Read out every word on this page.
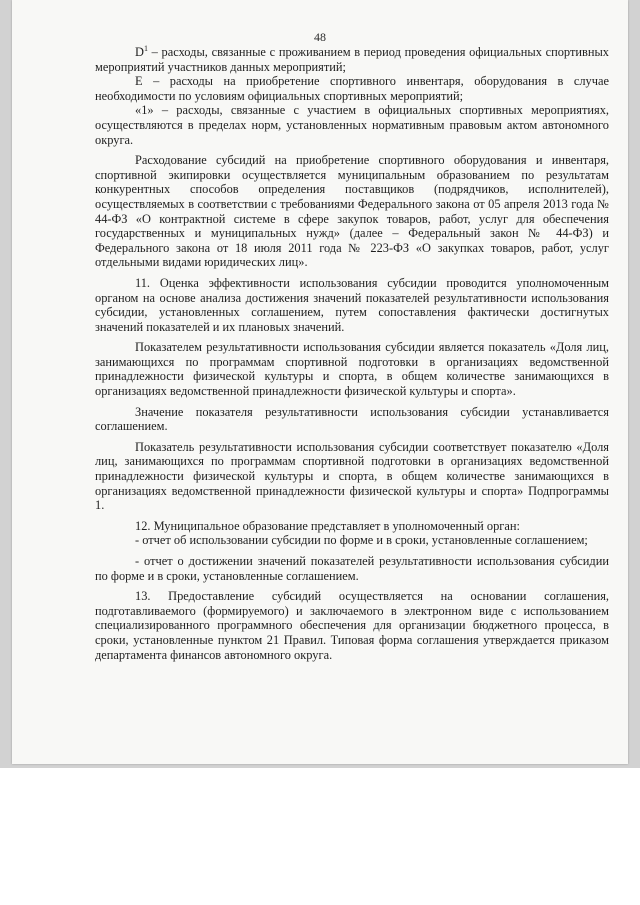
48

$D^1$ – расходы, связанные с проживанием в период проведения официальных спортивных мероприятий участников данных мероприятий;

Е – расходы на приобретение спортивного инвентаря, оборудования в случае необходимости по условиям официальных спортивных мероприятий;

«1» – расходы, связанные с участием в официальных спортивных мероприятиях, осуществляются в пределах норм, установленных нормативным правовым актом автономного округа.

Расходование субсидий на приобретение спортивного оборудования и инвентаря, спортивной экипировки осуществляется муниципальным образованием по результатам конкурентных способов определения поставщиков (подрядчиков, исполнителей), осуществляемых в соответствии с требованиями Федерального закона от 05 апреля 2013 года № 44-ФЗ «О контрактной системе в сфере закупок товаров, работ, услуг для обеспечения государственных и муниципальных нужд» (далее – Федеральный закон № 44-ФЗ) и Федерального закона от 18 июля 2011 года № 223-ФЗ «О закупках товаров, работ, услуг отдельными видами юридических лиц».

11. Оценка эффективности использования субсидии проводится уполномоченным органом на основе анализа достижения значений показателей результативности использования субсидии, установленных соглашением, путем сопоставления фактически достигнутых значений показателей и их плановых значений.

Показателем результативности использования субсидии является показатель «Доля лиц, занимающихся по программам спортивной подготовки в организациях ведомственной принадлежности физической культуры и спорта, в общем количестве занимающихся в организациях ведомственной принадлежности физической культуры и спорта».

Значение показателя результативности использования субсидии устанавливается соглашением.

Показатель результативности использования субсидии соответствует показателю «Доля лиц, занимающихся по программам спортивной подготовки в организациях ведомственной принадлежности физической культуры и спорта, в общем количестве занимающихся в организациях ведомственной принадлежности физической культуры и спорта» Подпрограммы 1.

12. Муниципальное образование представляет в уполномоченный орган:

- отчет об использовании субсидии по форме и в сроки, установленные соглашением;

- отчет о достижении значений показателей результативности использования субсидии по форме и в сроки, установленные соглашением.

13. Предоставление субсидий осуществляется на основании соглашения, подготавливаемого (формируемого) и заключаемого в электронном виде с использованием специализированного программного обеспечения для организации бюджетного процесса, в сроки, установленные пунктом 21 Правил. Типовая форма соглашения утверждается приказом департамента финансов автономного округа.
